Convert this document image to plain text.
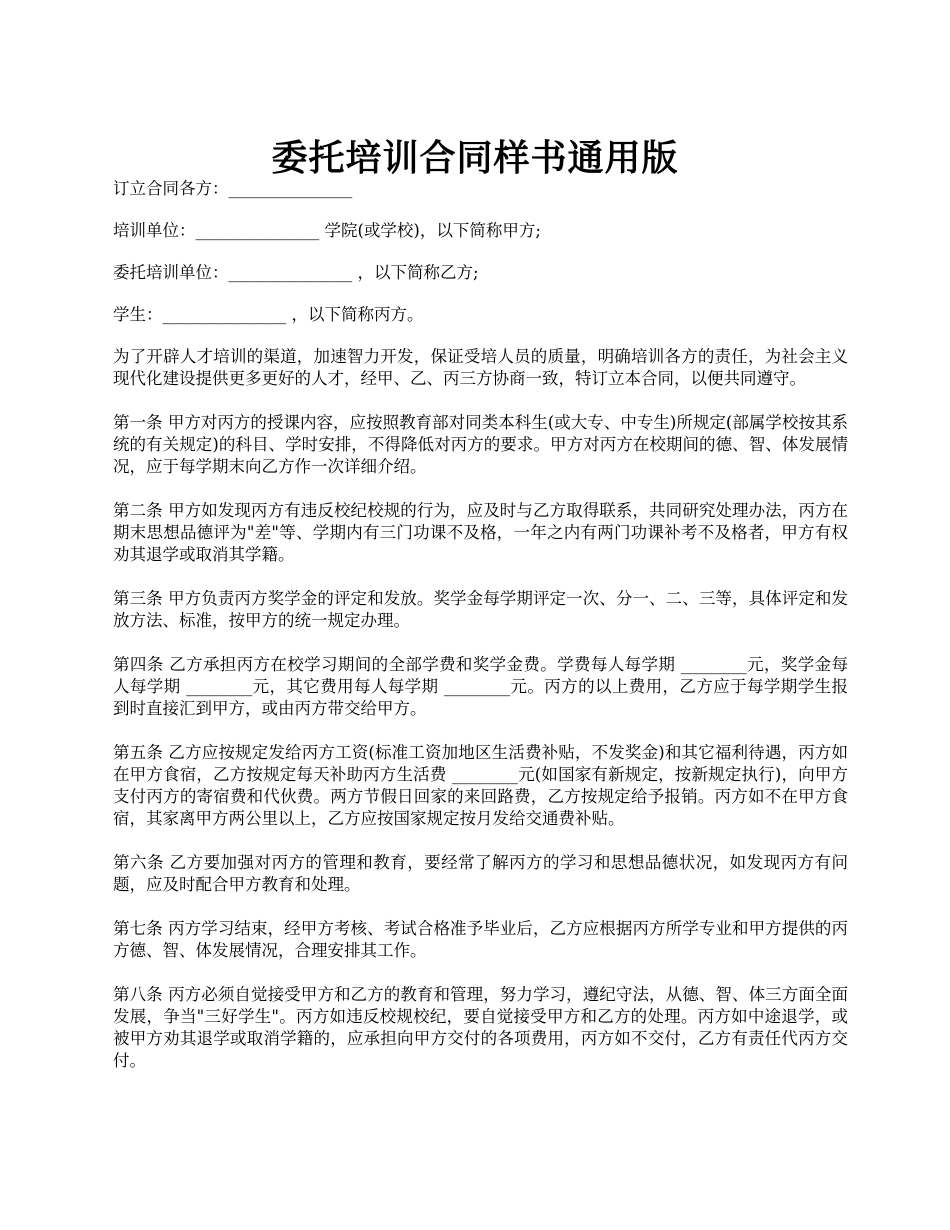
委托培训合同样书通用版

订立合同各方：_______________

培训单位：_______________ 学院(或学校)，以下简称甲方;

委托培训单位：_______________ ，以下简称乙方;

学生：_______________ ，以下简称丙方。

为了开辟人才培训的渠道，加速智力开发，保证受培人员的质量，明确培训各方的责任，为社会主义现代化建设提供更多更好的人才，经甲、乙、丙三方协商一致，特订立本合同，以便共同遵守。

第一条 甲方对丙方的授课内容，应按照教育部对同类本科生(或大专、中专生)所规定(部属学校按其系统的有关规定)的科目、学时安排，不得降低对丙方的要求。甲方对丙方在校期间的德、智、体发展情况，应于每学期末向乙方作一次详细介绍。

第二条 甲方如发现丙方有违反校纪校规的行为，应及时与乙方取得联系，共同研究处理办法，丙方在期末思想品德评为"差"等、学期内有三门功课不及格，一年之内有两门功课补考不及格者，甲方有权劝其退学或取消其学籍。

第三条 甲方负责丙方奖学金的评定和发放。奖学金每学期评定一次、分一、二、三等，具体评定和发放方法、标准，按甲方的统一规定办理。

第四条 乙方承担丙方在校学习期间的全部学费和奖学金费。学费每人每学期 ________元，奖学金每人每学期 ________元，其它费用每人每学期 ________元。丙方的以上费用，乙方应于每学期学生报到时直接汇到甲方，或由丙方带交给甲方。

第五条 乙方应按规定发给丙方工资(标准工资加地区生活费补贴，不发奖金)和其它福利待遇，丙方如在甲方食宿，乙方按规定每天补助丙方生活费 ________元(如国家有新规定，按新规定执行)，向甲方支付丙方的寄宿费和代伙费。两方节假日回家的来回路费，乙方按规定给予报销。丙方如不在甲方食宿，其家离甲方两公里以上，乙方应按国家规定按月发给交通费补贴。

第六条 乙方要加强对丙方的管理和教育，要经常了解丙方的学习和思想品德状况，如发现丙方有问题，应及时配合甲方教育和处理。

第七条 丙方学习结束，经甲方考核、考试合格准予毕业后，乙方应根据丙方所学专业和甲方提供的丙方德、智、体发展情况，合理安排其工作。

第八条 丙方必须自觉接受甲方和乙方的教育和管理，努力学习，遵纪守法，从德、智、体三方面全面发展，争当"三好学生"。丙方如违反校规校纪，要自觉接受甲方和乙方的处理。丙方如中途退学，或被甲方劝其退学或取消学籍的，应承担向甲方交付的各项费用，丙方如不交付，乙方有责任代丙方交付。
